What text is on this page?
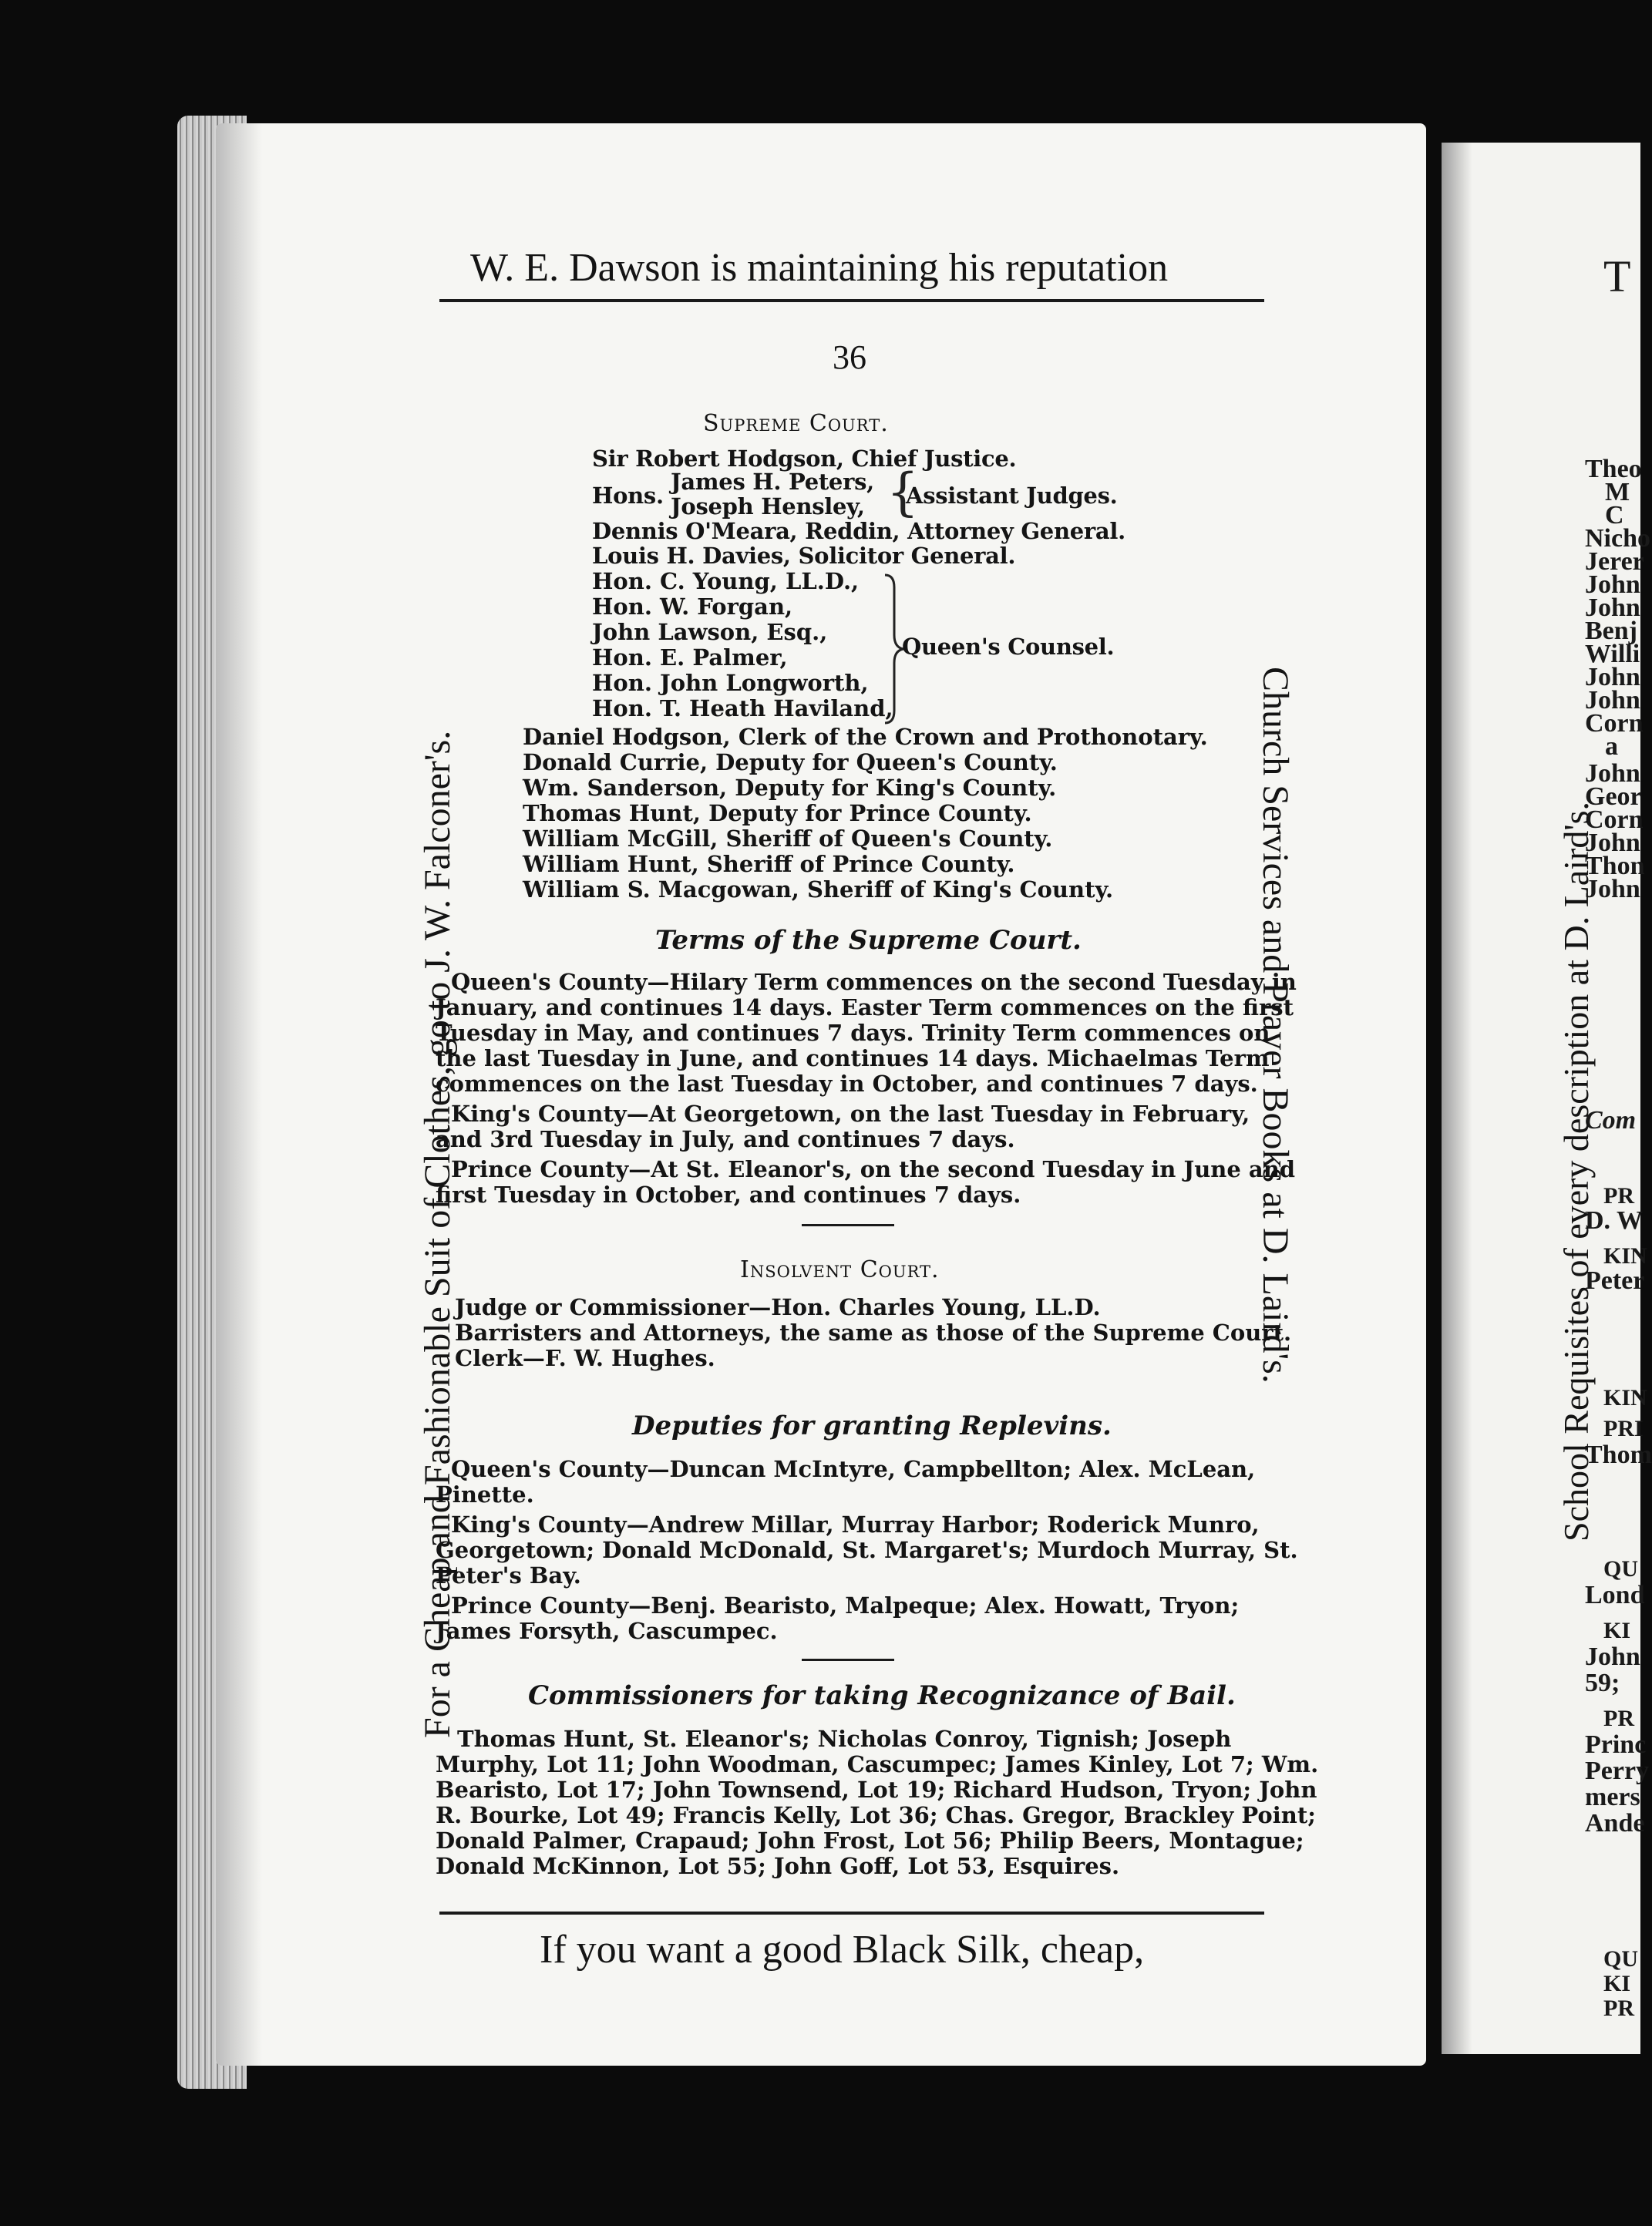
T
Theo
M
C
Nicho
Jerer
John
John
Benj
Willi
John
John
Corn
a
John
Geor
Corn
John
Thon
John
Com
PR
D. W
KIN
Peter
KIN
PRI
Thom
QU
Lond
KI
John
59;
PR
Princ
Perry
mers
Ande
QU
KI
PR
W. E. Dawson is maintaining his reputation
36
For a Cheap and Fashionable Suit of Clothes, go to J. W. Falconer's.	Church Services and Prayer Books at D. Laird's.	School Requisites of every description at D. Laird's.
Supreme Court.
Sir Robert Hodgson, Chief Justice.
Hons.
James H. Peters,
Joseph Hensley, {
Assistant Judges.
Dennis O'Meara, Reddin, Attorney General.
Louis H. Davies, Solicitor General.

Hon. C. Young, LL.D.,

Hon. W. Forgan,

John Lawson, Esq.,

Hon. E. Palmer,

Hon. John Longworth,

Hon. T. Heath Haviland,

Queen's Counsel.

Daniel Hodgson, Clerk of the Crown and Prothonotary.

Donald Currie, Deputy for Queen's County.

Wm. Sanderson, Deputy for King's County.

Thomas Hunt, Deputy for Prince County.

William McGill, Sheriff of Queen's County.

William Hunt, Sheriff of Prince County.

William S. Macgowan, Sheriff of King's County.

Terms of the Supreme Court.

Queen's County—Hilary Term commences on the second Tuesday in

January, and continues 14 days. Easter Term commences on the first

Tuesday in May, and continues 7 days. Trinity Term commences on

the last Tuesday in June, and continues 14 days. Michaelmas Term

commences on the last Tuesday in October, and continues 7 days.

King's County—At Georgetown, on the last Tuesday in February,

and 3rd Tuesday in July, and continues 7 days.

Prince County—At St. Eleanor's, on the second Tuesday in June and

first Tuesday in October, and continues 7 days.

Insolvent Court.

Judge or Commissioner—Hon. Charles Young, LL.D.

Barristers and Attorneys, the same as those of the Supreme Court.

Clerk—F. W. Hughes.

Deputies for granting Replevins.

Queen's County—Duncan McIntyre, Campbellton; Alex. McLean,

Pinette.

King's County—Andrew Millar, Murray Harbor; Roderick Munro,

Georgetown; Donald McDonald, St. Margaret's; Murdoch Murray, St.

Peter's Bay.

Prince County—Benj. Bearisto, Malpeque; Alex. Howatt, Tryon;

James Forsyth, Cascumpec.

Commissioners for taking Recognizance of Bail.

Thomas Hunt, St. Eleanor's; Nicholas Conroy, Tignish; Joseph

Murphy, Lot 11; John Woodman, Cascumpec; James Kinley, Lot 7; Wm.

Bearisto, Lot 17; John Townsend, Lot 19; Richard Hudson, Tryon; John

R. Bourke, Lot 49; Francis Kelly, Lot 36; Chas. Gregor, Brackley Point;

Donald Palmer, Crapaud; John Frost, Lot 56; Philip Beers, Montague;

Donald McKinnon, Lot 55; John Goff, Lot 53, Esquires.

If you want a good Black Silk, cheap,
